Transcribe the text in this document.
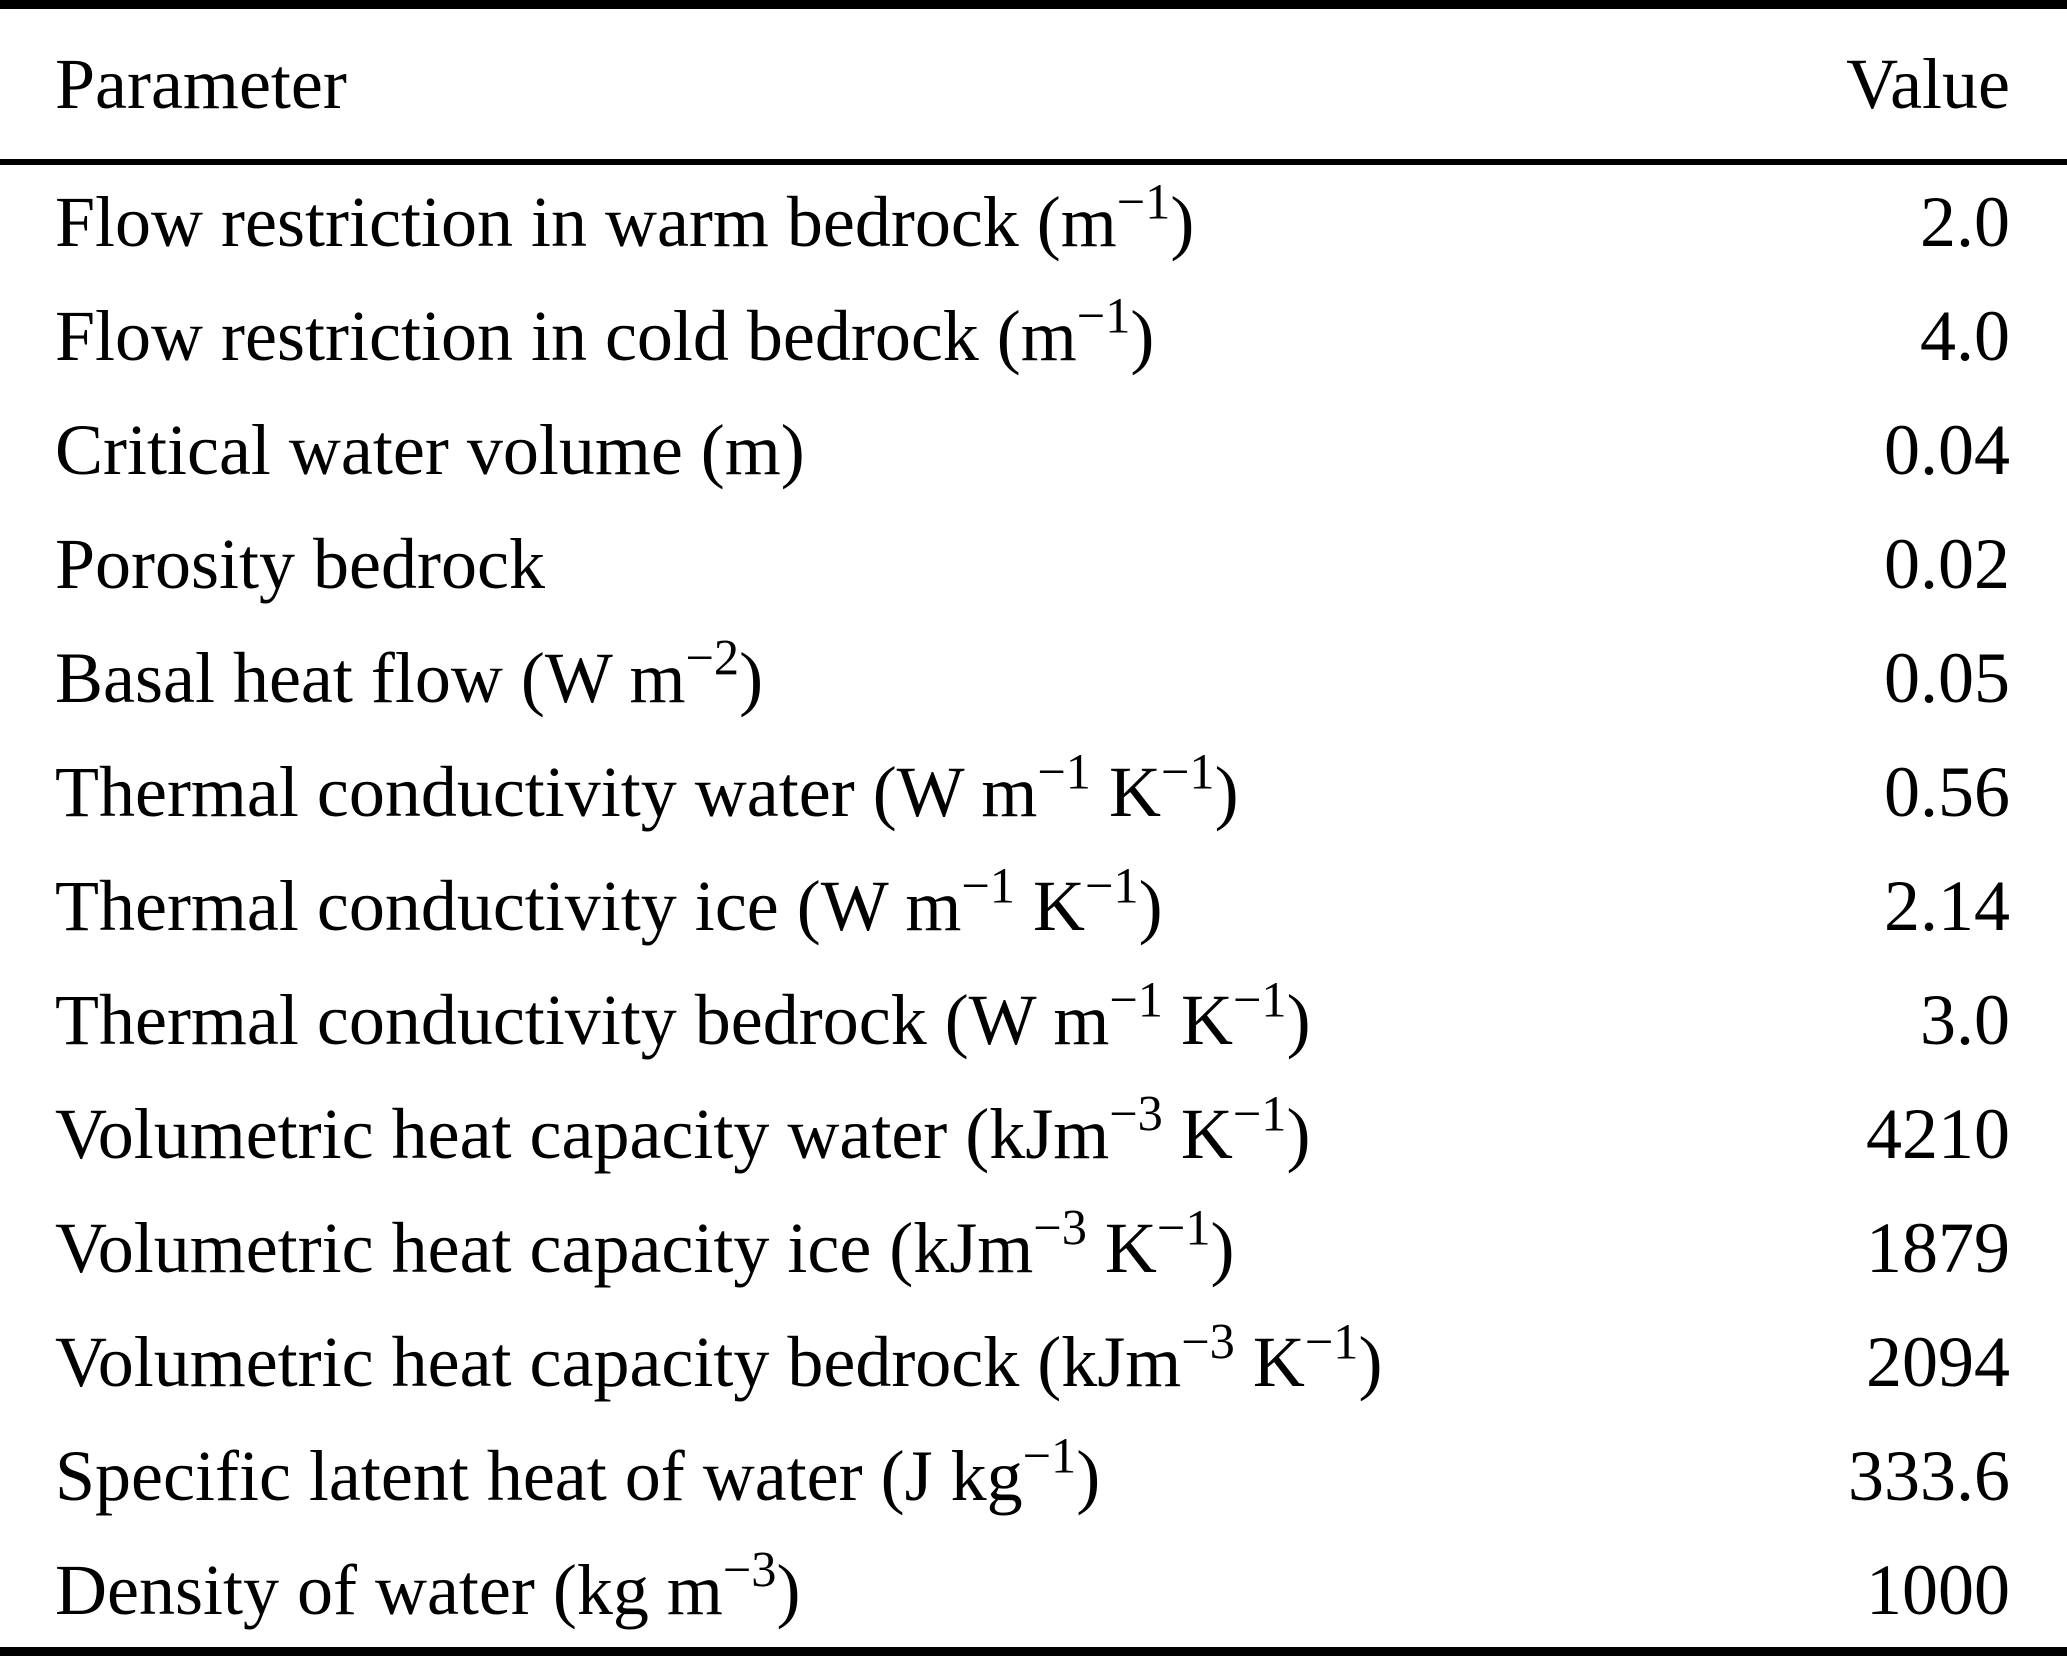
Parameter	Value
Flow restriction in warm bedrock $(m^{-1})$	2.0
Flow restriction in cold bedrock $(m^{-1})$	4.0
Critical water volume (m)	0.04
Porosity bedrock	0.02
Basal heat flow (W $m^{-2}$)	0.05
Thermal conductivity water (W $m^{-1}$ $K^{-1}$)	0.56
Thermal conductivity ice (W $m^{-1}$ $K^{-1}$)	2.14
Thermal conductivity bedrock (W $m^{-1}$ $K^{-1}$)	3.0
Volumetric heat capacity water (kJm$^{-3}$ $K^{-1}$)	4210
Volumetric heat capacity ice (kJm$^{-3}$ $K^{-1}$)	1879
Volumetric heat capacity bedrock (kJm$^{-3}$ $K^{-1}$)	2094
Specific latent heat of water (J $kg^{-1}$)	333.6
Density of water (kg $m^{-3}$)	1000
